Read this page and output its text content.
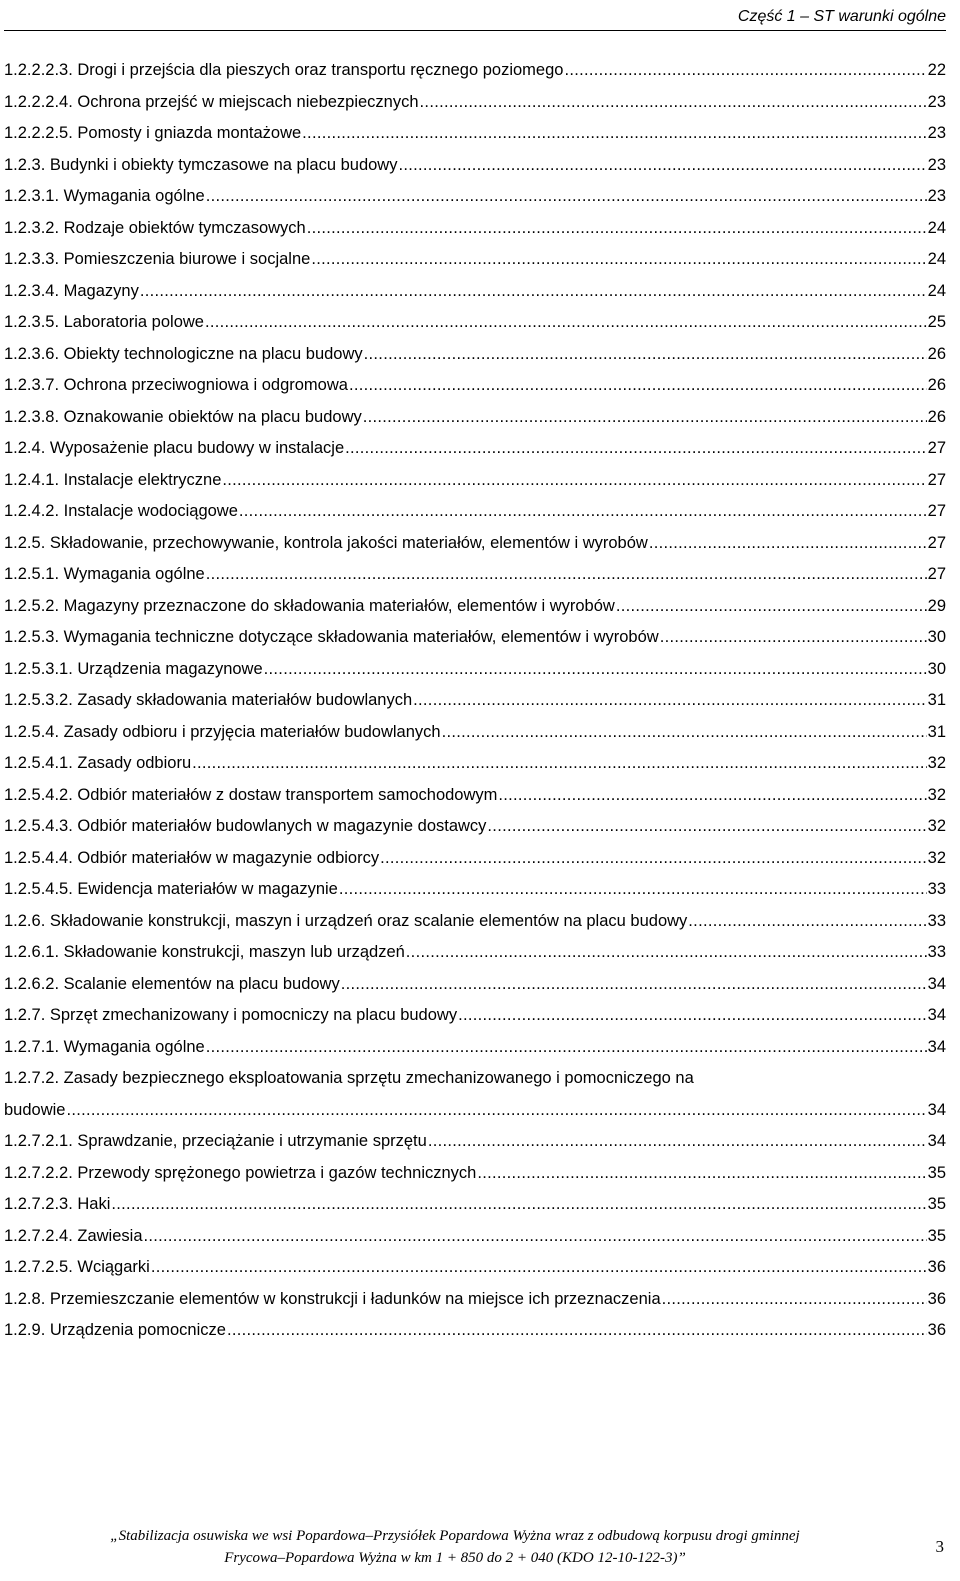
Część 1 – ST warunki ogólne
1.2.2.2.3. Drogi i przejścia dla pieszych oraz transportu ręcznego poziomego .....	22
1.2.2.2.4. Ochrona przejść w miejscach niebezpiecznych .....	23
1.2.2.2.5. Pomosty i gniazda montażowe .....	23
1.2.3. Budynki i obiekty tymczasowe na placu budowy .....	23
1.2.3.1. Wymagania ogólne .....	23
1.2.3.2. Rodzaje obiektów tymczasowych .....	24
1.2.3.3. Pomieszczenia biurowe i socjalne .....	24
1.2.3.4. Magazyny .....	24
1.2.3.5. Laboratoria polowe .....	25
1.2.3.6. Obiekty technologiczne na placu budowy .....	26
1.2.3.7. Ochrona przeciwogniowa i odgromowa .....	26
1.2.3.8. Oznakowanie obiektów na placu budowy .....	26
1.2.4. Wyposażenie placu budowy w instalacje .....	27
1.2.4.1. Instalacje elektryczne .....	27
1.2.4.2. Instalacje wodociągowe .....	27
1.2.5. Składowanie, przechowywanie, kontrola jakości materiałów, elementów i wyrobów .....	27
1.2.5.1. Wymagania ogólne .....	27
1.2.5.2. Magazyny przeznaczone do składowania materiałów, elementów i wyrobów .....	29
1.2.5.3. Wymagania techniczne dotyczące składowania materiałów, elementów i wyrobów .....	30
1.2.5.3.1. Urządzenia magazynowe .....	30
1.2.5.3.2. Zasady składowania materiałów budowlanych .....	31
1.2.5.4. Zasady odbioru i przyjęcia materiałów budowlanych .....	31
1.2.5.4.1. Zasady odbioru .....	32
1.2.5.4.2. Odbiór materiałów z dostaw transportem samochodowym .....	32
1.2.5.4.3. Odbiór materiałów budowlanych w magazynie dostawcy .....	32
1.2.5.4.4. Odbiór materiałów w magazynie odbiorcy .....	32
1.2.5.4.5. Ewidencja materiałów w magazynie .....	33
1.2.6. Składowanie konstrukcji, maszyn i urządzeń oraz scalanie elementów na placu budowy .....	33
1.2.6.1. Składowanie konstrukcji, maszyn lub urządzeń .....	33
1.2.6.2. Scalanie elementów na placu budowy .....	34
1.2.7. Sprzęt zmechanizowany i pomocniczy na placu budowy .....	34
1.2.7.1. Wymagania ogólne .....	34
1.2.7.2. Zasady bezpiecznego eksploatowania sprzętu zmechanizowanego i pomocniczego na
budowie .....	34
1.2.7.2.1. Sprawdzanie, przeciążanie i utrzymanie sprzętu .....	34
1.2.7.2.2. Przewody sprężonego powietrza i gazów technicznych .....	35
1.2.7.2.3. Haki .....	35
1.2.7.2.4. Zawiesia .....	35
1.2.7.2.5. Wciągarki .....	36
1.2.8. Przemieszczanie elementów w konstrukcji i ładunków na miejsce ich przeznaczenia .....	36
1.2.9. Urządzenia pomocnicze .....	36
„Stabilizacja osuwiska we wsi Popardowa–Przysiółek Popardowa Wyżna wraz z odbudową korpusu drogi gminnej
Frycowa–Popardowa Wyżna w km 1 + 850 do 2 + 040 (KDO 12-10-122-3)”
3
